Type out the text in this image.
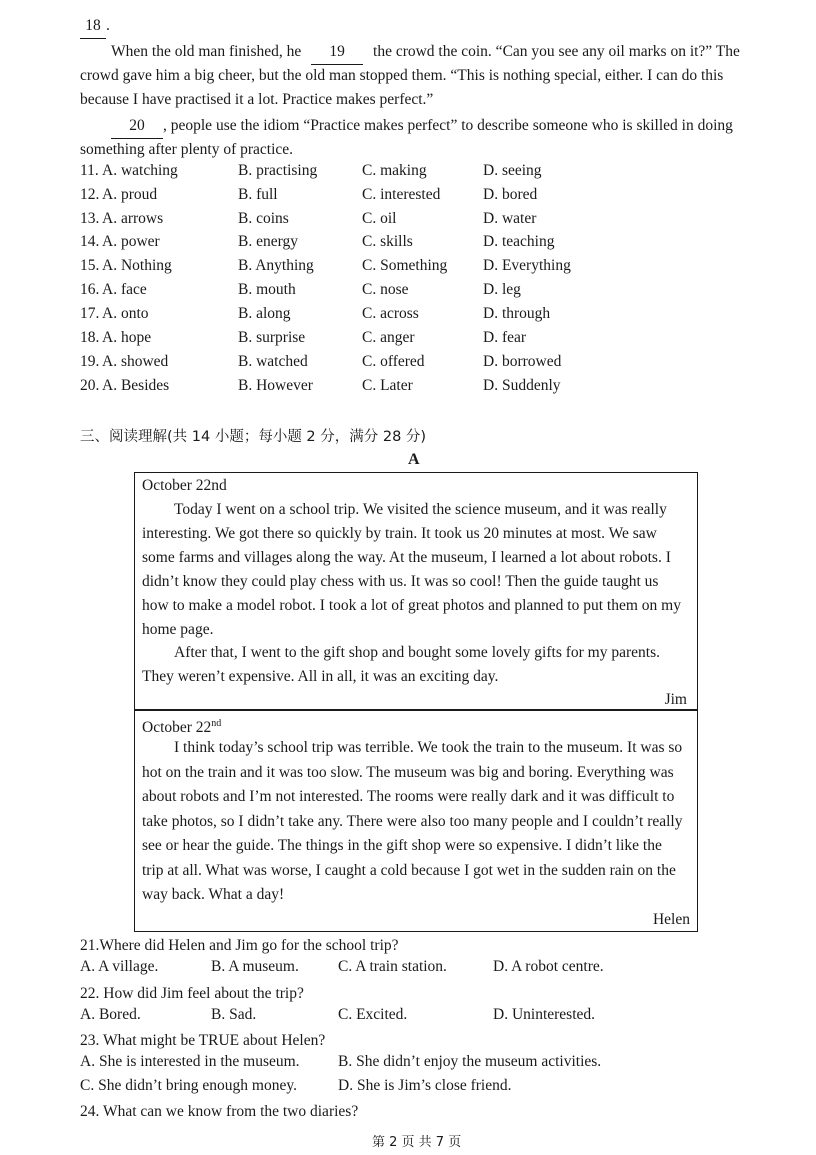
18 .
When the old man finished, he 19 the crowd the coin. “Can you see any oil marks on it?” The
crowd gave him a big cheer, but the old man stopped them. “This is nothing special, either. I can do this
because I have practised it a lot. Practice makes perfect.”
20 , people use the idiom “Practice makes perfect” to describe someone who is skilled in doing
something after plenty of practice.
11. A. watching	B. practising	C. making	D. seeing
12. A. proud	B. full	C. interested	D. bored
13. A. arrows	B. coins	C. oil	D. water
14. A. power	B. energy	C. skills	D. teaching
15. A. Nothing	B. Anything	C. Something D. Everything
16. A. face	B. mouth	C. nose	D. leg
17. A. onto	B. along	C. across	D. through
18. A. hope	B. surprise	C. anger	D. fear
19. A. showed	B. watched	C. offered	D. borrowed
20. A. Besides	B. However	C. Later	D. Suddenly
三、阅读理解(共 14 小题；每小题 2 分，满分 28 分)
A
October 22nd
Today I went on a school trip. We visited the science museum, and it was really
interesting. We got there so quickly by train. It took us 20 minutes at most. We saw
some farms and villages along the way. At the museum, I learned a lot about robots. I
didn’t know they could play chess with us. It was so cool! Then the guide taught us
how to make a model robot. I took a lot of great photos and planned to put them on my
home page.
After that, I went to the gift shop and bought some lovely gifts for my parents.
They weren’t expensive. All in all, it was an exciting day.
Jim
October 22nd
I think today’s school trip was terrible. We took the train to the museum. It was so
hot on the train and it was too slow. The museum was big and boring. Everything was
about robots and I’m not interested. The rooms were really dark and it was difficult to
take photos, so I didn’t take any. There were also too many people and I couldn’t really
see or hear the guide. The things in the gift shop were so expensive. I didn’t like the
trip at all. What was worse, I caught a cold because I got wet in the sudden rain on the
way back. What a day!
Helen
21.Where did Helen and Jim go for the school trip?
A. A village.	B. A museum.	C. A train station.	D. A robot centre.
22. How did Jim feel about the trip?
A. Bored.	B. Sad.	C. Excited.	D. Uninterested.
23. What might be TRUE about Helen?
A. She is interested in the museum. B. She didn’t enjoy the museum activities.
C. She didn’t bring enough money.	D. She is Jim’s close friend.
24. What can we know from the two diaries?
第 2 页 共 7 页
